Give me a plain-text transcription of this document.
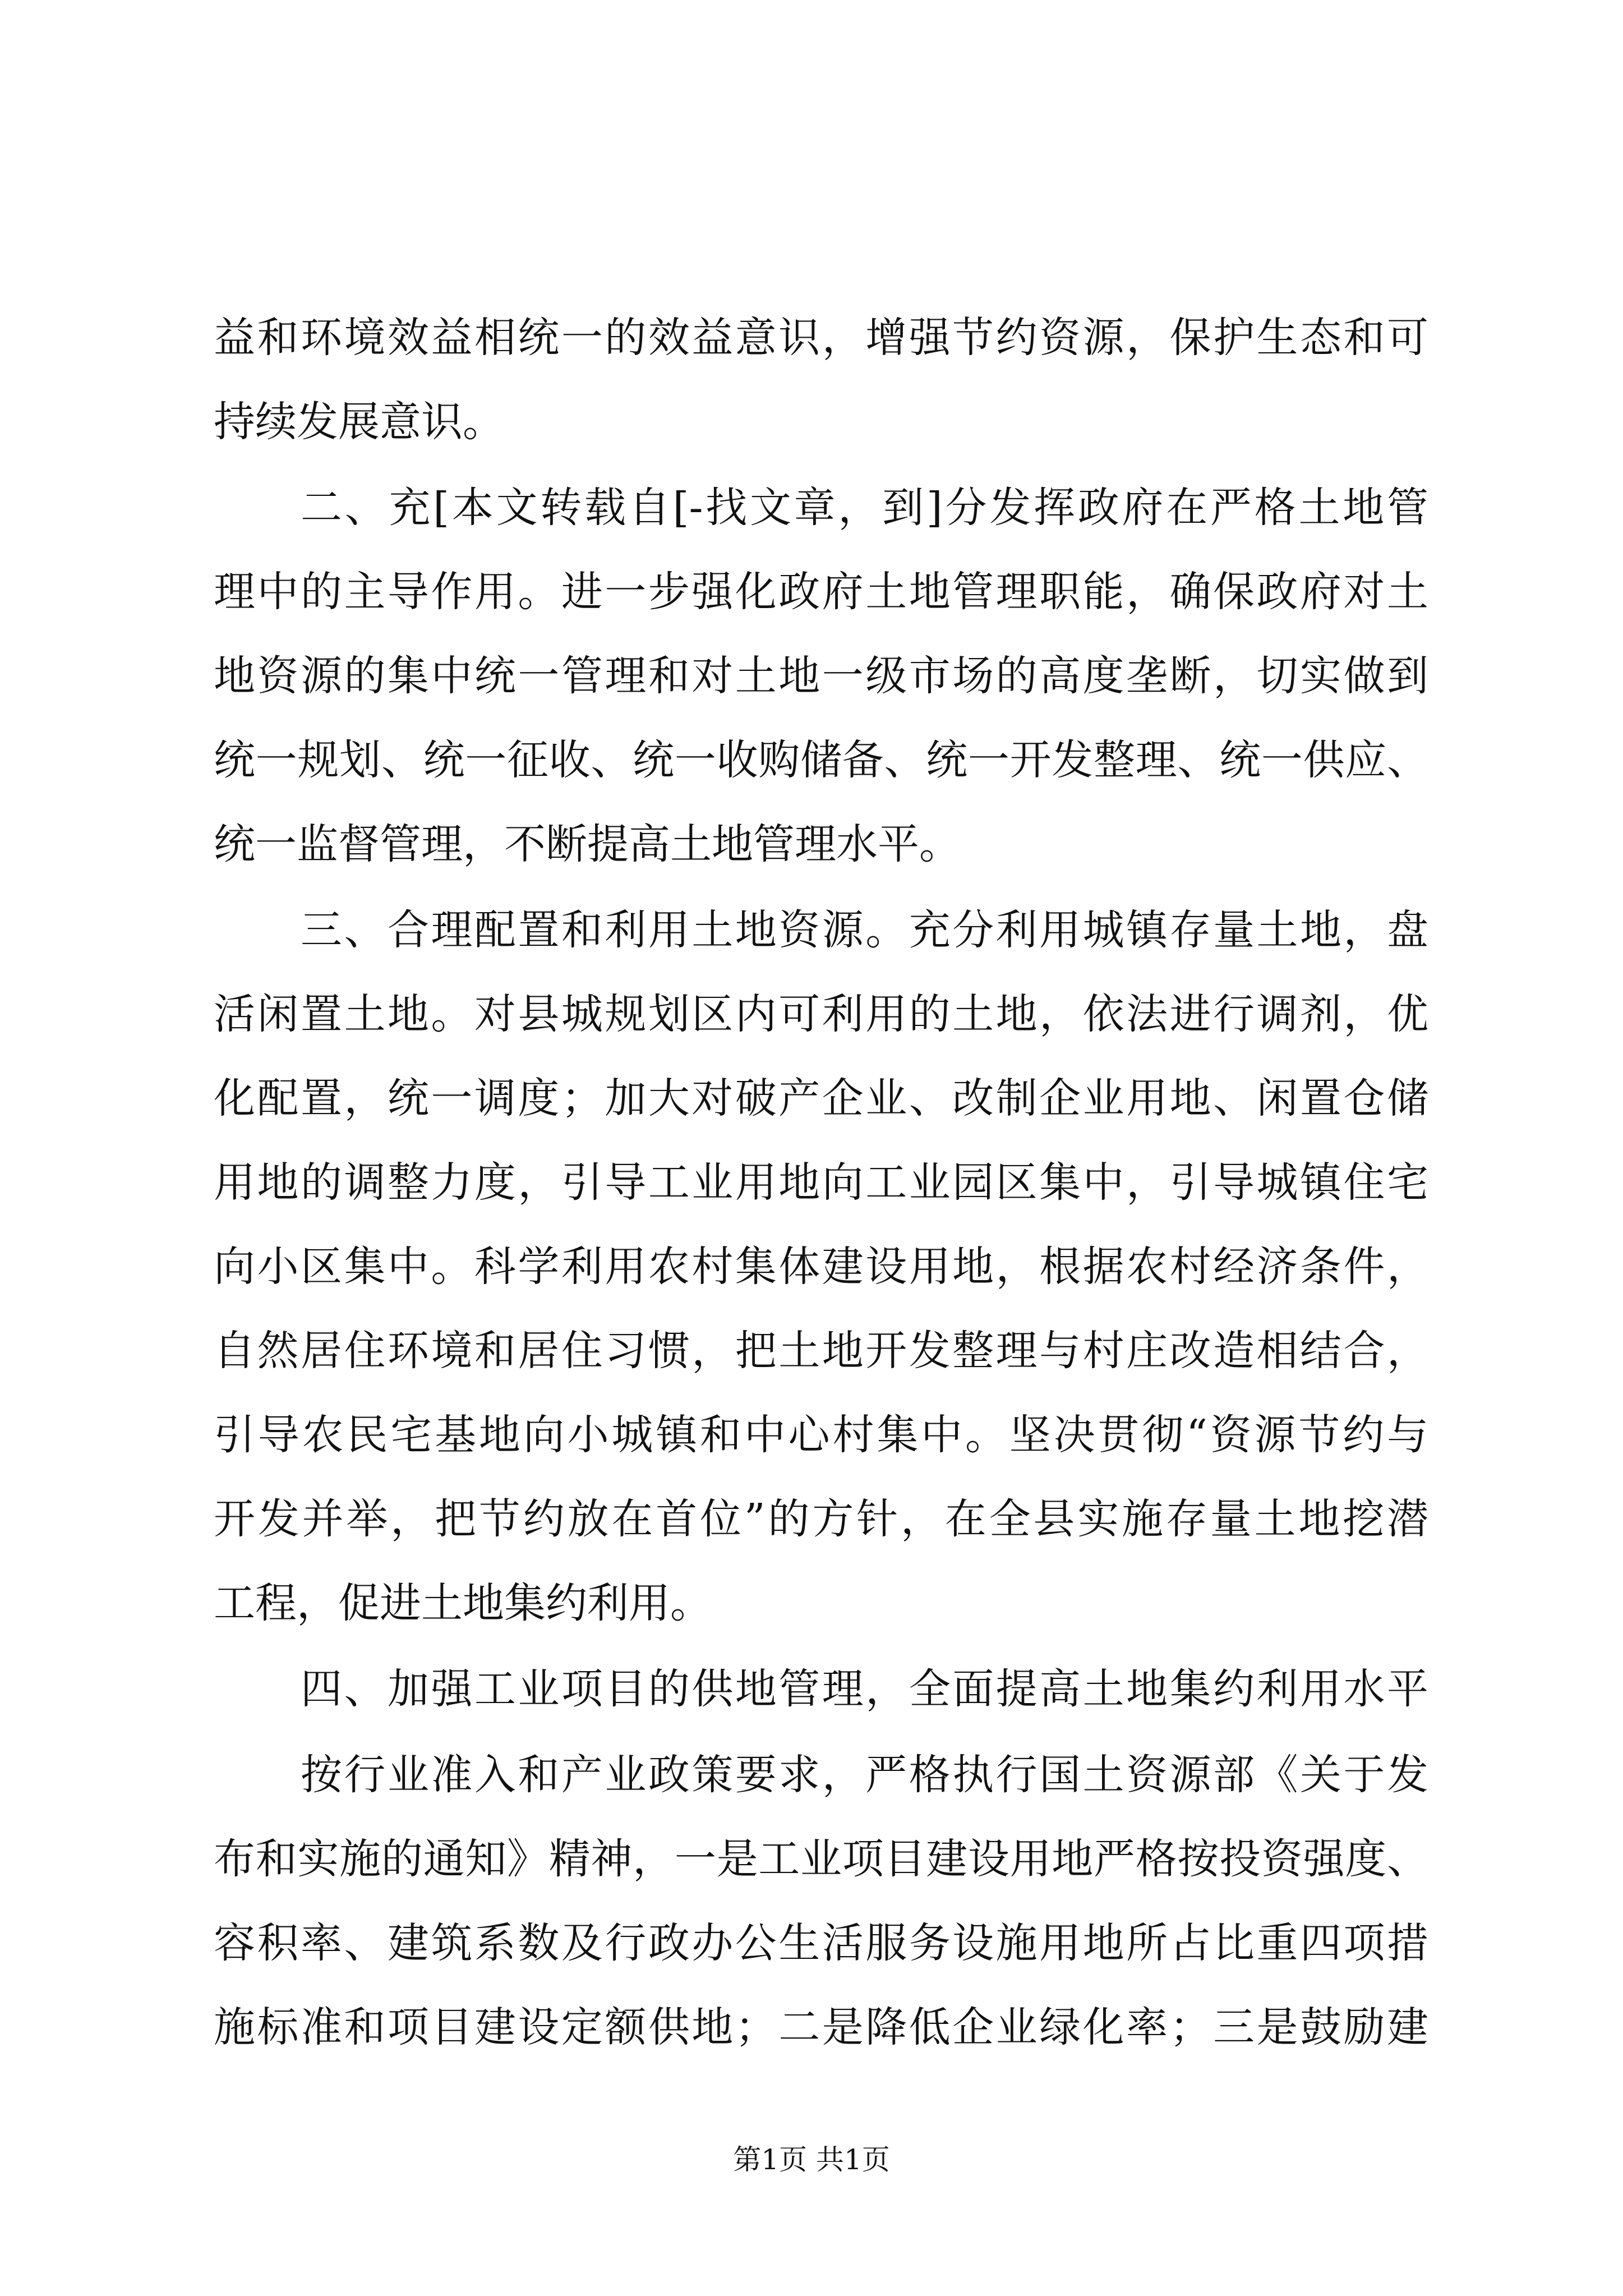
益和环境效益相统一的效益意识，增强节约资源，保护生态和可
持续发展意识。
二、充[本文转载自[-找文章，到]分发挥政府在严格土地管
理中的主导作用。进一步强化政府土地管理职能，确保政府对土
地资源的集中统一管理和对土地一级市场的高度垄断，切实做到
统一规划、统一征收、统一收购储备、统一开发整理、统一供应、
统一监督管理，不断提高土地管理水平。
三、合理配置和利用土地资源。充分利用城镇存量土地，盘
活闲置土地。对县城规划区内可利用的土地，依法进行调剂，优
化配置，统一调度；加大对破产企业、改制企业用地、闲置仓储
用地的调整力度，引导工业用地向工业园区集中，引导城镇住宅
向小区集中。科学利用农村集体建设用地，根据农村经济条件，
自然居住环境和居住习惯，把土地开发整理与村庄改造相结合，
引导农民宅基地向小城镇和中心村集中。坚决贯彻“资源节约与
开发并举，把节约放在首位”的方针，在全县实施存量土地挖潜
工程，促进土地集约利用。
四、加强工业项目的供地管理，全面提高土地集约利用水平
按行业准入和产业政策要求，严格执行国土资源部《关于发
布和实施的通知》精神，一是工业项目建设用地严格按投资强度、
容积率、建筑系数及行政办公生活服务设施用地所占比重四项措
施标准和项目建设定额供地；二是降低企业绿化率；三是鼓励建
第1页 共1页
